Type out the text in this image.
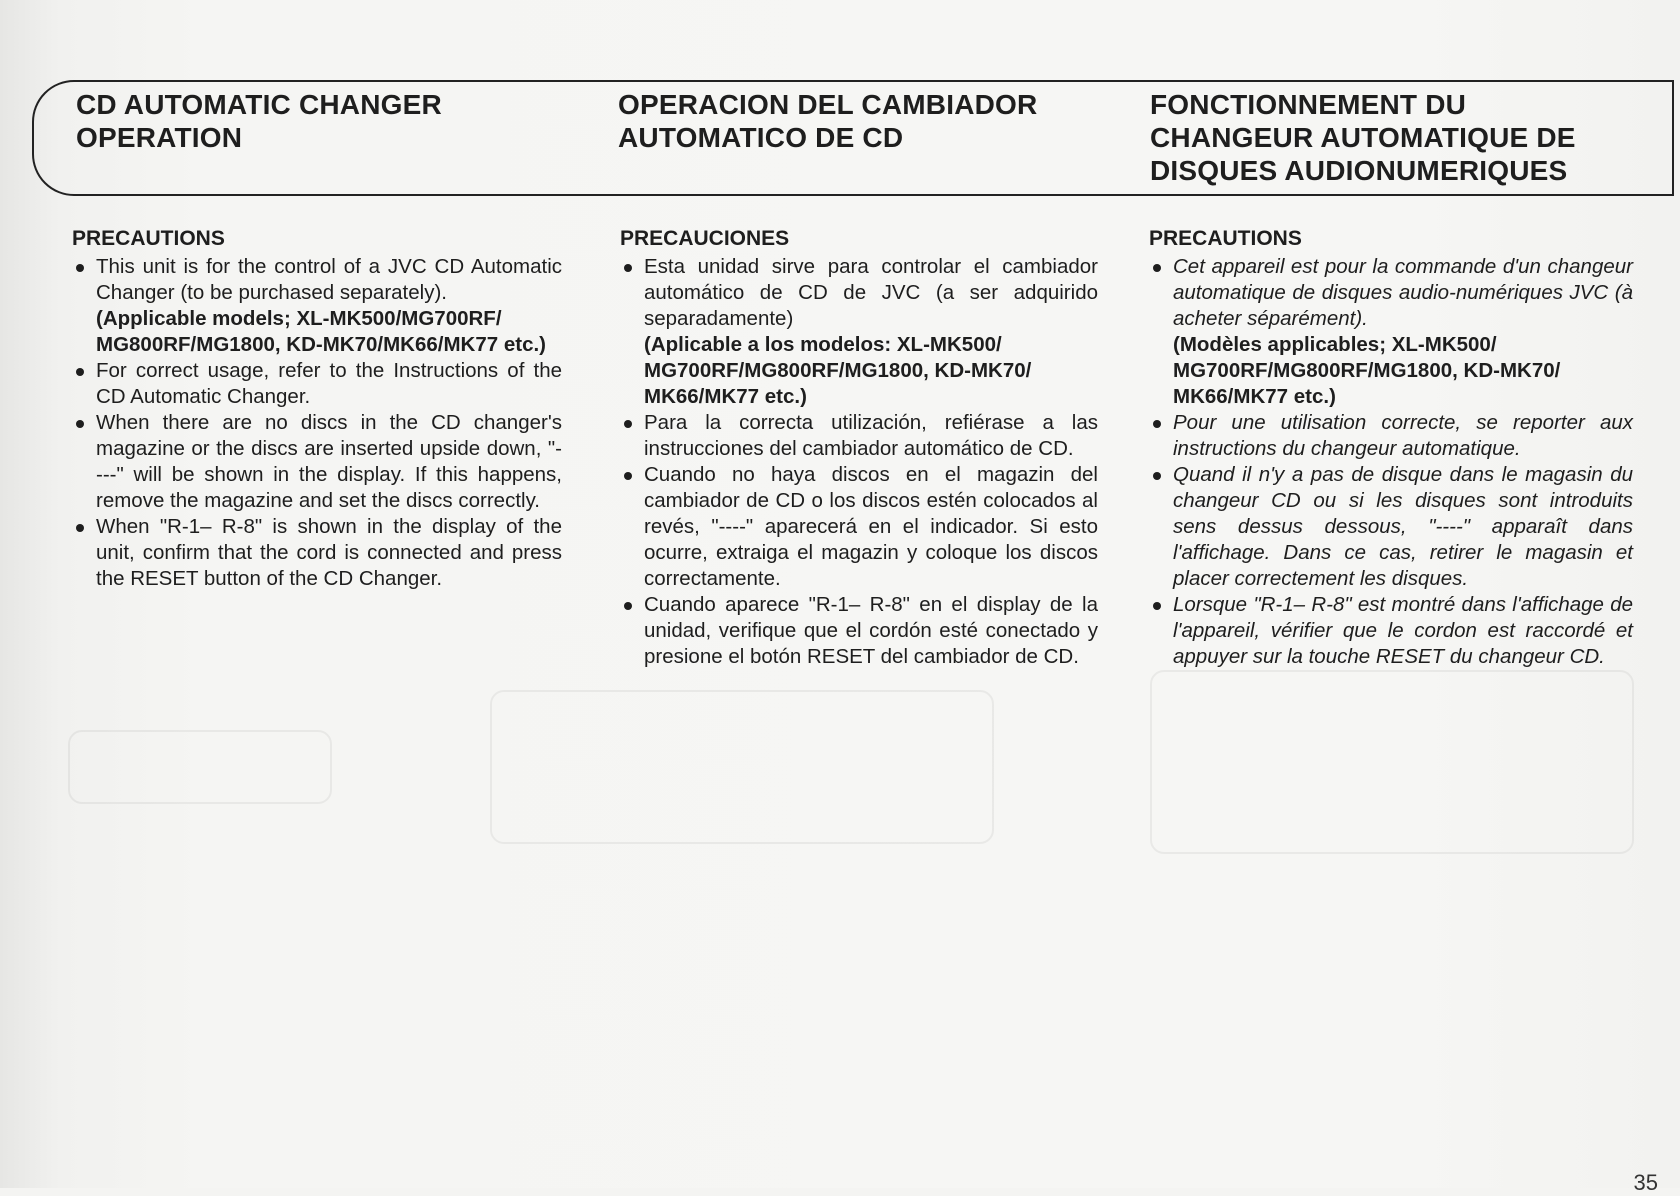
CD AUTOMATIC CHANGER
OPERATION
OPERACION DEL CAMBIADOR
AUTOMATICO DE CD
FONCTIONNEMENT DU
CHANGEUR AUTOMATIQUE DE
DISQUES AUDIONUMERIQUES
PRECAUTIONS
This unit is for the control of a JVC CD Automatic Changer (to be purchased separately).
(Applicable models; XL-MK500/MG700RF/ MG800RF/MG1800, KD-MK70/MK66/MK77 etc.)
For correct usage, refer to the Instructions of the CD Automatic Changer.
When there are no discs in the CD changer's magazine or the discs are inserted upside down, "----" will be shown in the display. If this happens, remove the magazine and set the discs correctly.
When "R-1– R-8" is shown in the display of the unit, confirm that the cord is connected and press the RESET button of the CD Changer.
PRECAUCIONES
Esta unidad sirve para controlar el cambiador automático de CD de JVC (a ser adquirido separadamente)
(Aplicable a los modelos: XL-MK500/ MG700RF/MG800RF/MG1800, KD-MK70/ MK66/MK77 etc.)
Para la correcta utilización, refiérase a las instrucciones del cambiador automático de CD.
Cuando no haya discos en el magazin del cambiador de CD o los discos estén colocados al revés, "----" aparecerá en el indicador. Si esto ocurre, extraiga el magazin y coloque los discos correctamente.
Cuando aparece "R-1– R-8" en el display de la unidad, verifique que el cordón esté conectado y presione el botón RESET del cambiador de CD.
PRECAUTIONS
Cet appareil est pour la commande d'un changeur automatique de disques audio-numériques JVC (à acheter séparément).
(Modèles applicables; XL-MK500/ MG700RF/MG800RF/MG1800, KD-MK70/ MK66/MK77 etc.)
Pour une utilisation correcte, se reporter aux instructions du changeur automatique.
Quand il n'y a pas de disque dans le magasin du changeur CD ou si les disques sont introduits sens dessus dessous, "----" apparaît dans l'affichage. Dans ce cas, retirer le magasin et placer correctement les disques.
Lorsque "R-1– R-8" est montré dans l'affichage de l'appareil, vérifier que le cordon est raccordé et appuyer sur la touche RESET du changeur CD.
35
